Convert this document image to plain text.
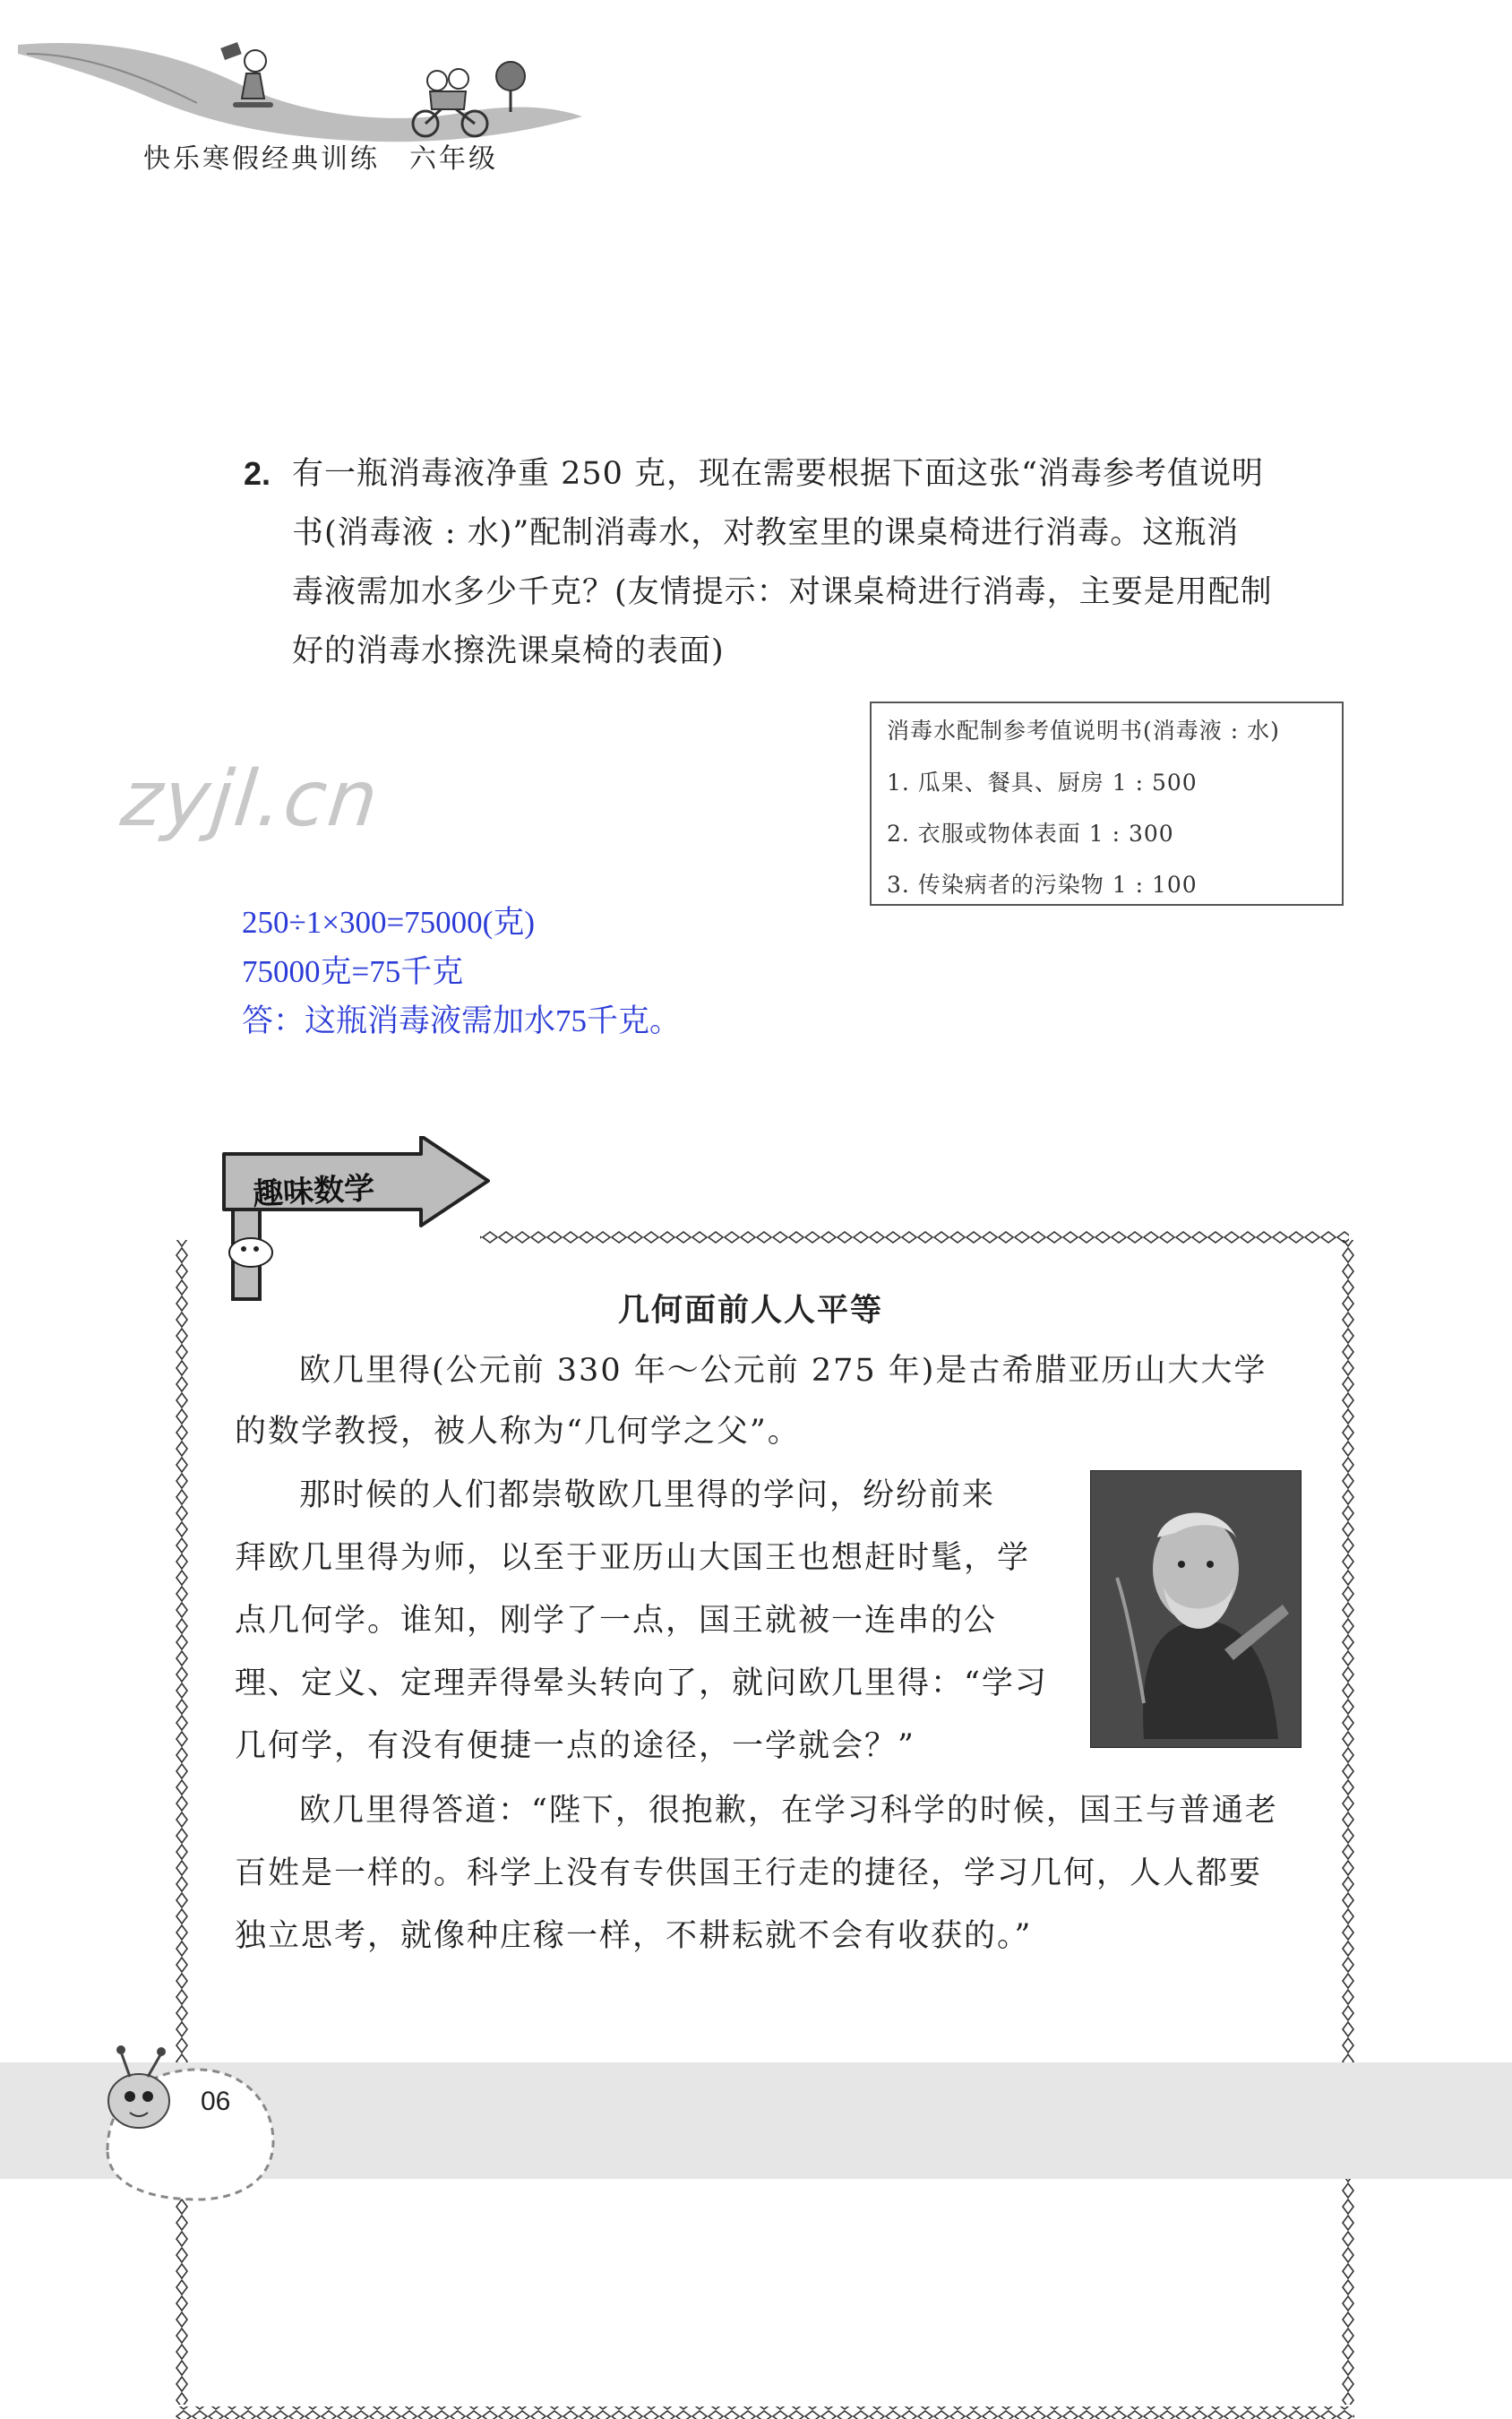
快乐寒假经典训练　六年级
2. 有一瓶消毒液净重 250 克，现在需要根据下面这张“消毒参考值说明
书(消毒液 : 水)”配制消毒水，对教室里的课桌椅进行消毒。这瓶消
毒液需加水多少千克？(友情提示：对课桌椅进行消毒，主要是用配制
好的消毒水擦洗课桌椅的表面)
消毒水配制参考值说明书(消毒液 : 水)
1. 瓜果、餐具、厨房 1 : 500
2. 衣服或物体表面 1 : 300
3. 传染病者的污染物 1 : 100
zyjl.cn
250÷1×300=75000(克)
75000克=75千克
答：这瓶消毒液需加水75千克。
趣味数学
几何面前人人平等
欧几里得(公元前 330 年～公元前 275 年)是古希腊亚历山大大学
的数学教授，被人称为“几何学之父”。
那时候的人们都崇敬欧几里得的学问，纷纷前来
拜欧几里得为师，以至于亚历山大国王也想赶时髦，学
点几何学。谁知，刚学了一点，国王就被一连串的公
理、定义、定理弄得晕头转向了，就问欧几里得：“学习
几何学，有没有便捷一点的途径，一学就会？”
欧几里得答道：“陛下，很抱歉，在学习科学的时候，国王与普通老
百姓是一样的。科学上没有专供国王行走的捷径，学习几何，人人都要
独立思考，就像种庄稼一样，不耕耘就不会有收获的。”
06
